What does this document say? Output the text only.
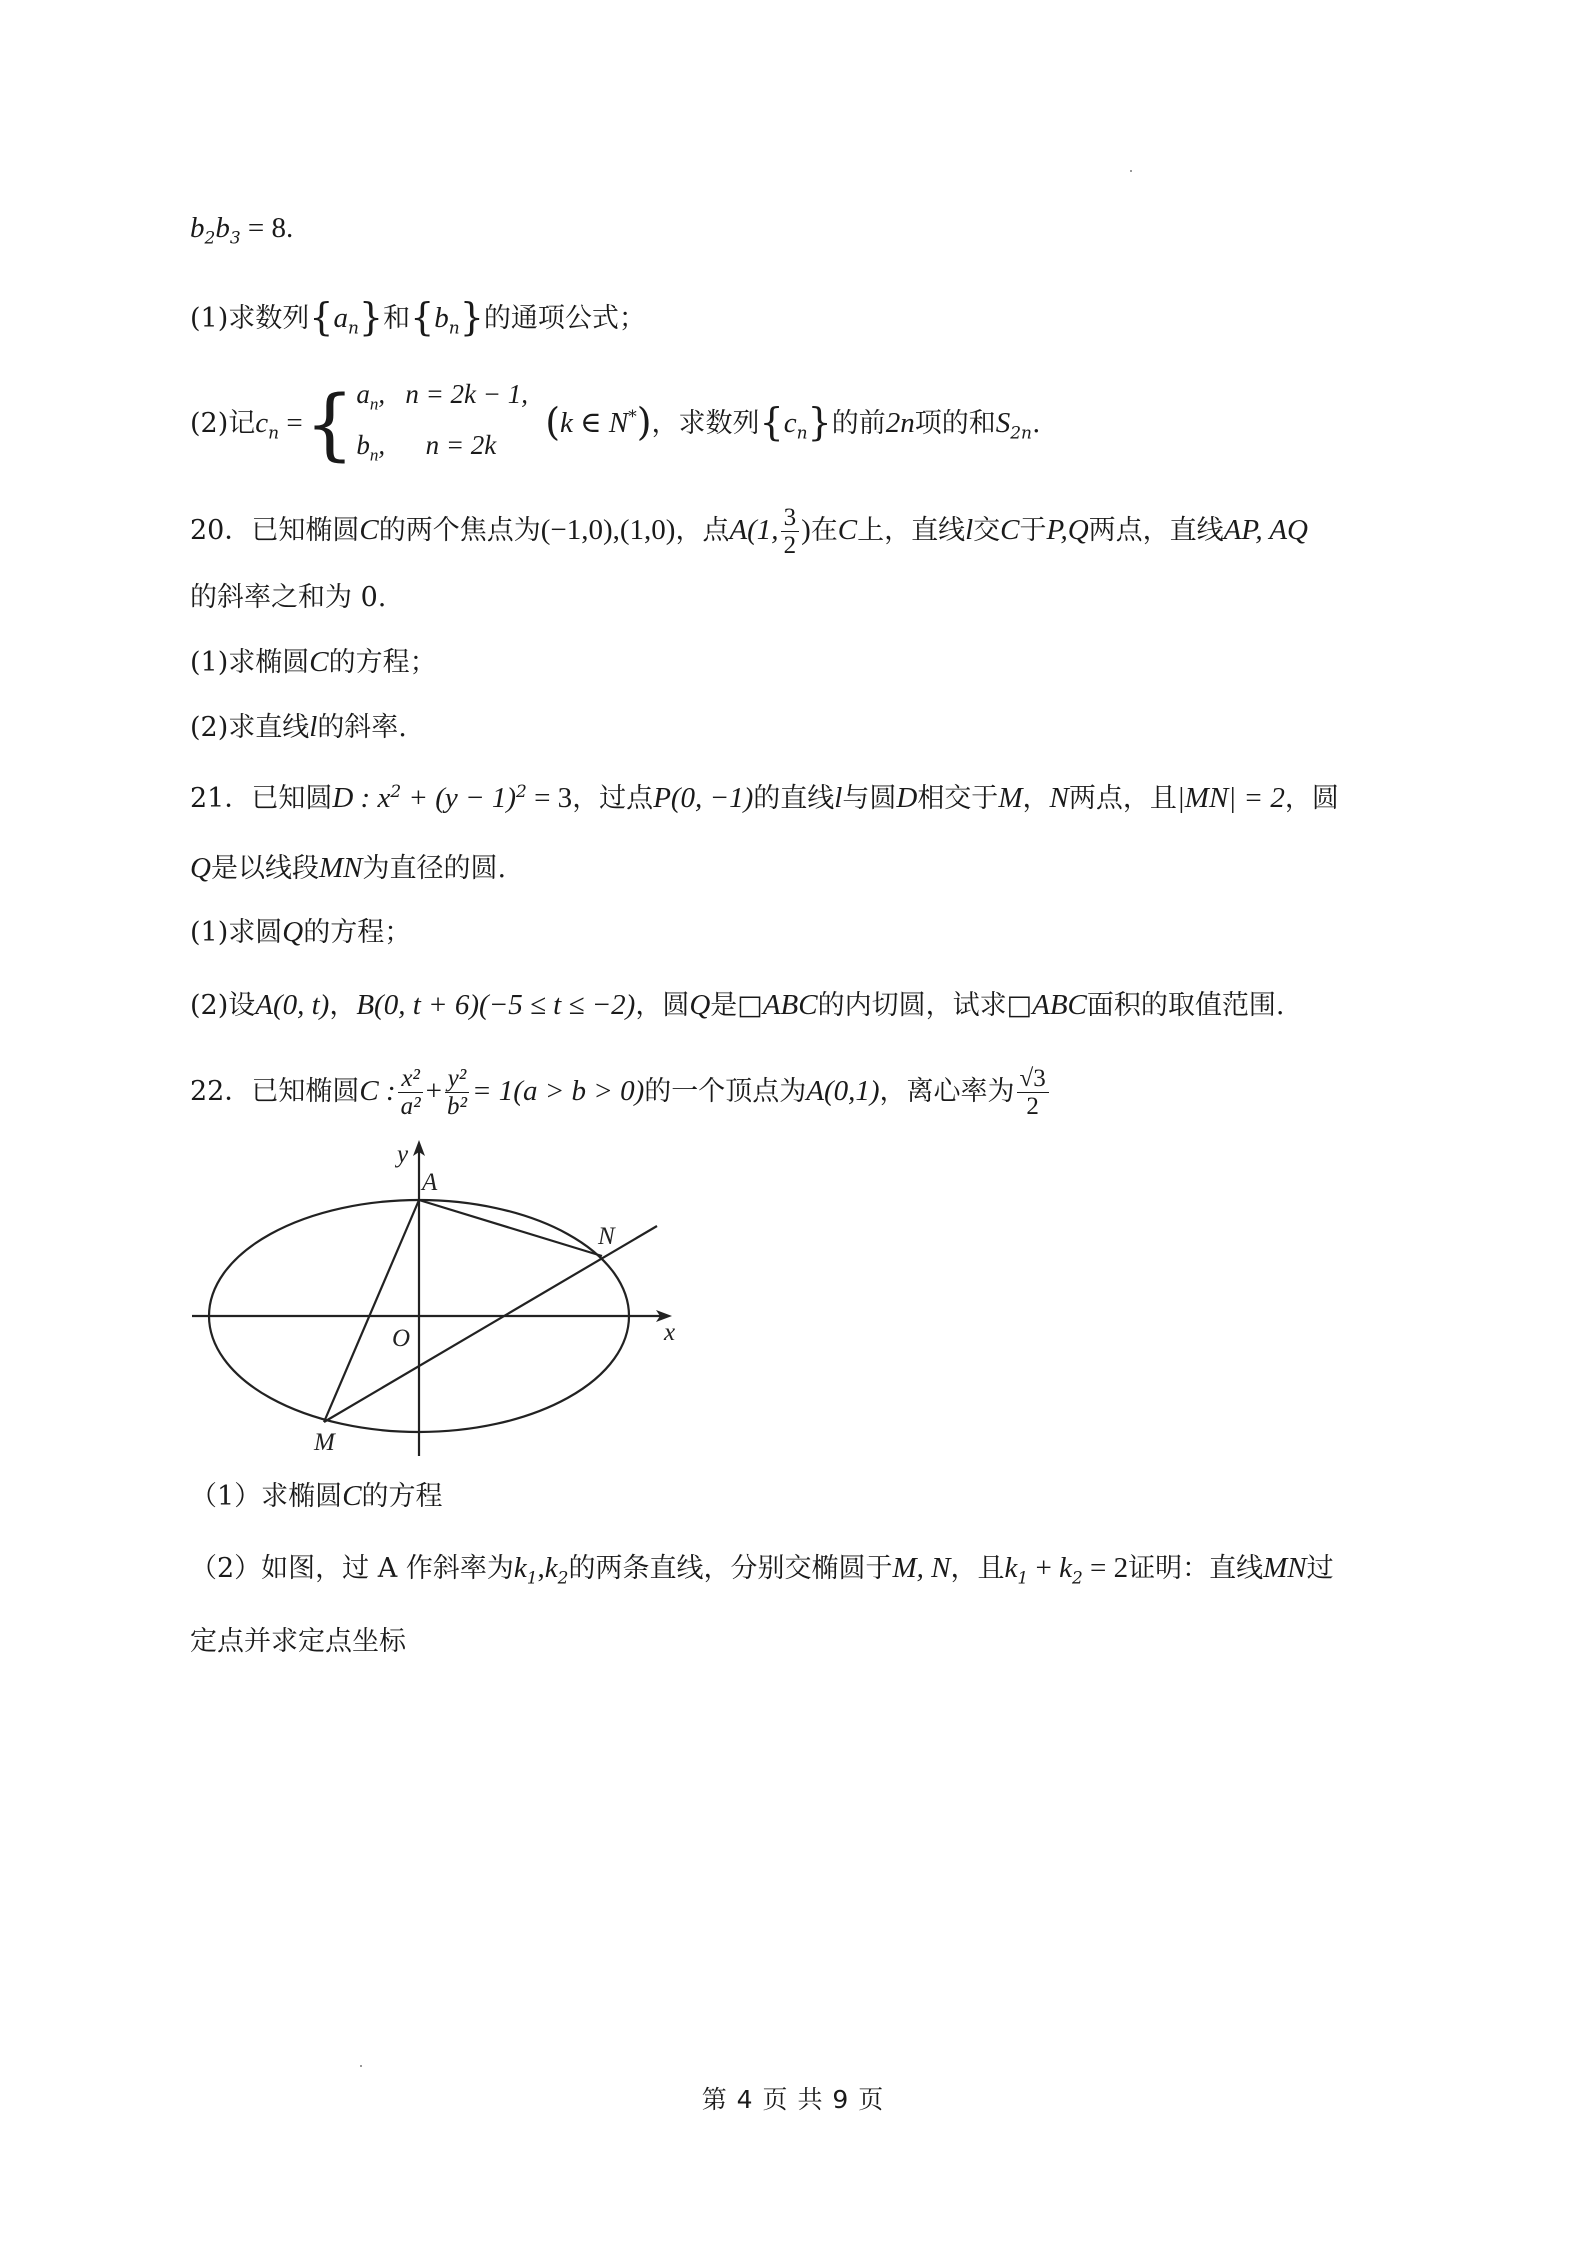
$b_2b_3 = 8$.
(1)求数列$\{a_n\}$和$\{b_n\}$的通项公式；
(2)记$c_n$ ={ $a_n$,   n = 2k − 1,
$b_n$,      n = 2k
(k ∈ N*)，求数列$\{c_n\}$的前2n项的和$S_{2n}$.
20．已知椭圆C的两个焦点为(−1,0),(1,0)，点A(1, $\frac{3}{2}$ )在C上，直线l交C于P,Q两点，直线AP, AQ
的斜率之和为 0.
(1)求椭圆C的方程；
(2)求直线l的斜率.
21．已知圆D : $x^2 + (y - 1)^2 = 3$，过点P(0, −1)的直线l与圆D相交于M，N两点，且|MN| = 2，圆
Q是以线段MN为直径的圆.
(1)求圆Q的方程；
(2)设A(0, t)，B(0, t + 6)(−5 ≤ t ≤ −2)，圆Q是□ABC的内切圆，试求□ABC面积的取值范围.
22．已知椭圆C : $\frac{\text{x²}}{\text{a²}} + \frac{\text{y²}}{\text{b²}} = 1(a > b > 0)$的一个顶点为A(0,1)，离心率为 $\frac{√3}{2}$
y
x
O
A
N
M
（1）求椭圆C的方程
（2）如图，过 A 作斜率为$k_1,k_2$的两条直线，分别交椭圆于M, N，且$k_1 + k_2 = 2$证明：直线MN过
定点并求定点坐标
第 4 页 共 9 页
